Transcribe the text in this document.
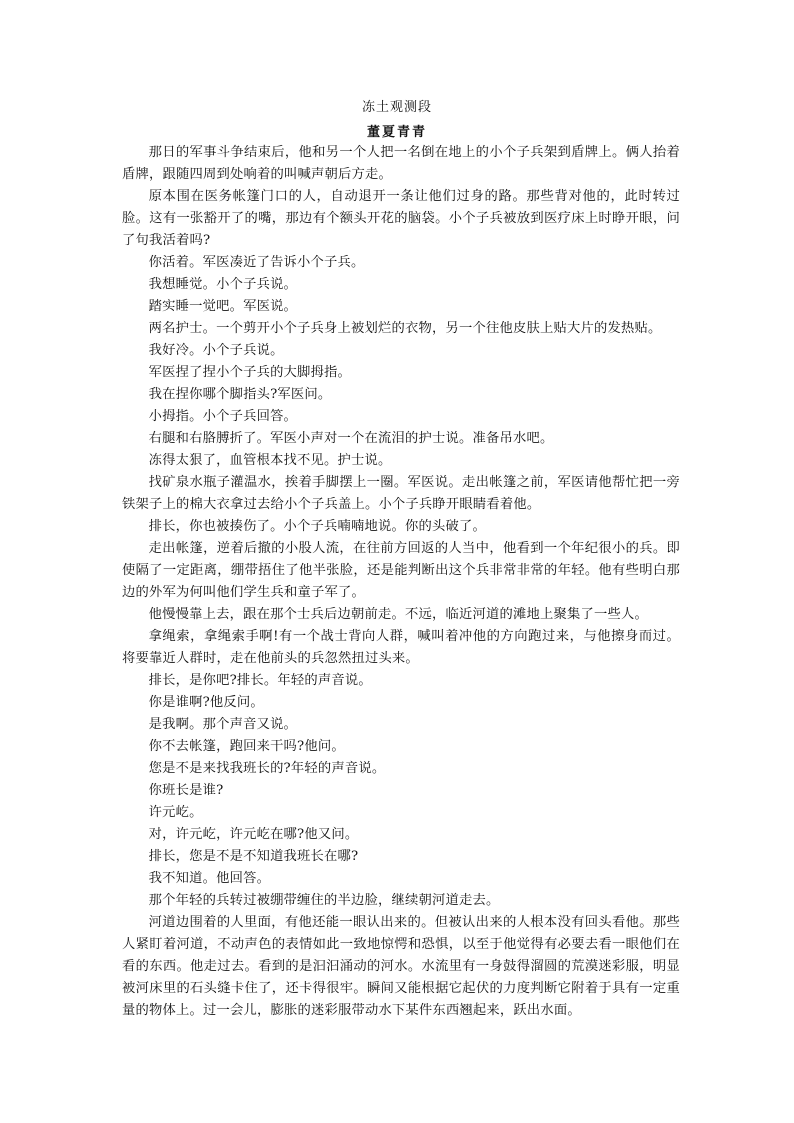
冻土观测段
董夏青青

那日的军事斗争结束后，他和另一个人把一名倒在地上的小个子兵架到盾牌上。俩人抬着盾牌，跟随四周到处响着的叫喊声朝后方走。

原本围在医务帐篷门口的人，自动退开一条让他们过身的路。那些背对他的，此时转过脸。这有一张豁开了的嘴，那边有个额头开花的脑袋。小个子兵被放到医疗床上时睁开眼，问了句我活着吗?

你活着。军医凑近了告诉小个子兵。

我想睡觉。小个子兵说。

踏实睡一觉吧。军医说。

两名护士。一个剪开小个子兵身上被划烂的衣物，另一个往他皮肤上贴大片的发热贴。

我好冷。小个子兵说。

军医捏了捏小个子兵的大脚拇指。

我在捏你哪个脚指头?军医问。

小拇指。小个子兵回答。

右腿和右胳膊折了。军医小声对一个在流泪的护士说。准备吊水吧。

冻得太狠了，血管根本找不见。护士说。

找矿泉水瓶子灌温水，挨着手脚摆上一圈。军医说。走出帐篷之前，军医请他帮忙把一旁铁架子上的棉大衣拿过去给小个子兵盖上。小个子兵睁开眼睛看着他。

排长，你也被揍伤了。小个子兵喃喃地说。你的头破了。

走出帐篷，逆着后撤的小股人流，在往前方回返的人当中，他看到一个年纪很小的兵。即使隔了一定距离，绷带捂住了他半张脸，还是能判断出这个兵非常非常的年轻。他有些明白那边的外军为何叫他们学生兵和童子军了。

他慢慢靠上去，跟在那个士兵后边朝前走。不远，临近河道的滩地上聚集了一些人。

拿绳索，拿绳索手啊!有一个战士背向人群，喊叫着冲他的方向跑过来，与他擦身而过。将要靠近人群时，走在他前头的兵忽然扭过头来。

排长，是你吧?排长。年轻的声音说。

你是谁啊?他反问。

是我啊。那个声音又说。

你不去帐篷，跑回来干吗?他问。

您是不是来找我班长的?年轻的声音说。

你班长是谁?

许元屹。

对，许元屹，许元屹在哪?他又问。

排长，您是不是不知道我班长在哪?

我不知道。他回答。

那个年轻的兵转过被绷带缠住的半边脸，继续朝河道走去。

河道边围着的人里面，有他还能一眼认出来的。但被认出来的人根本没有回头看他。那些人紧盯着河道，不动声色的表情如此一致地惊愕和恐惧，以至于他觉得有必要去看一眼他们在看的东西。他走过去。看到的是汩汩涌动的河水。水流里有一身鼓得溜圆的荒漠迷彩服，明显被河床里的石头缝卡住了，还卡得很牢。瞬间又能根据它起伏的力度判断它附着于具有一定重量的物体上。过一会儿，膨胀的迷彩服带动水下某件东西翘起来，跃出水面。
